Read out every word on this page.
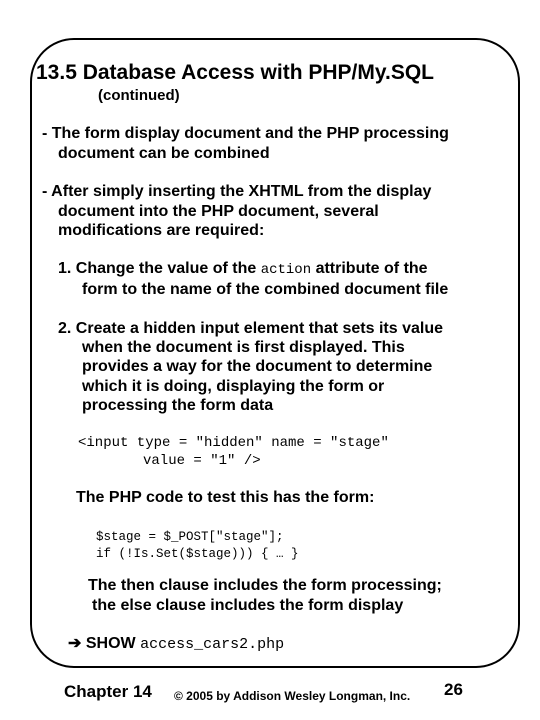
13.5 Database Access with PHP/My.SQL
(continued)
- The form display document and the PHP processing
document can be combined
- After simply inserting the XHTML from the display
document into the PHP document, several
modifications are required:
1. Change the value of the action attribute of the
form to the name of the combined document file
2. Create a hidden input element that sets its value
when the document is first displayed. This
provides a way for the document to determine
which it is doing, displaying the form or
processing the form data
<input type = "hidden" name = "stage"
value = "1" />
The PHP code to test this has the form:
$stage = $_POST["stage"];
if (!Is.Set($stage))) { … }
The then clause includes the form processing;
the else clause includes the form display
➔ SHOW access_cars2.php
Chapter 14 © 2005 by Addison Wesley Longman, Inc. 26
